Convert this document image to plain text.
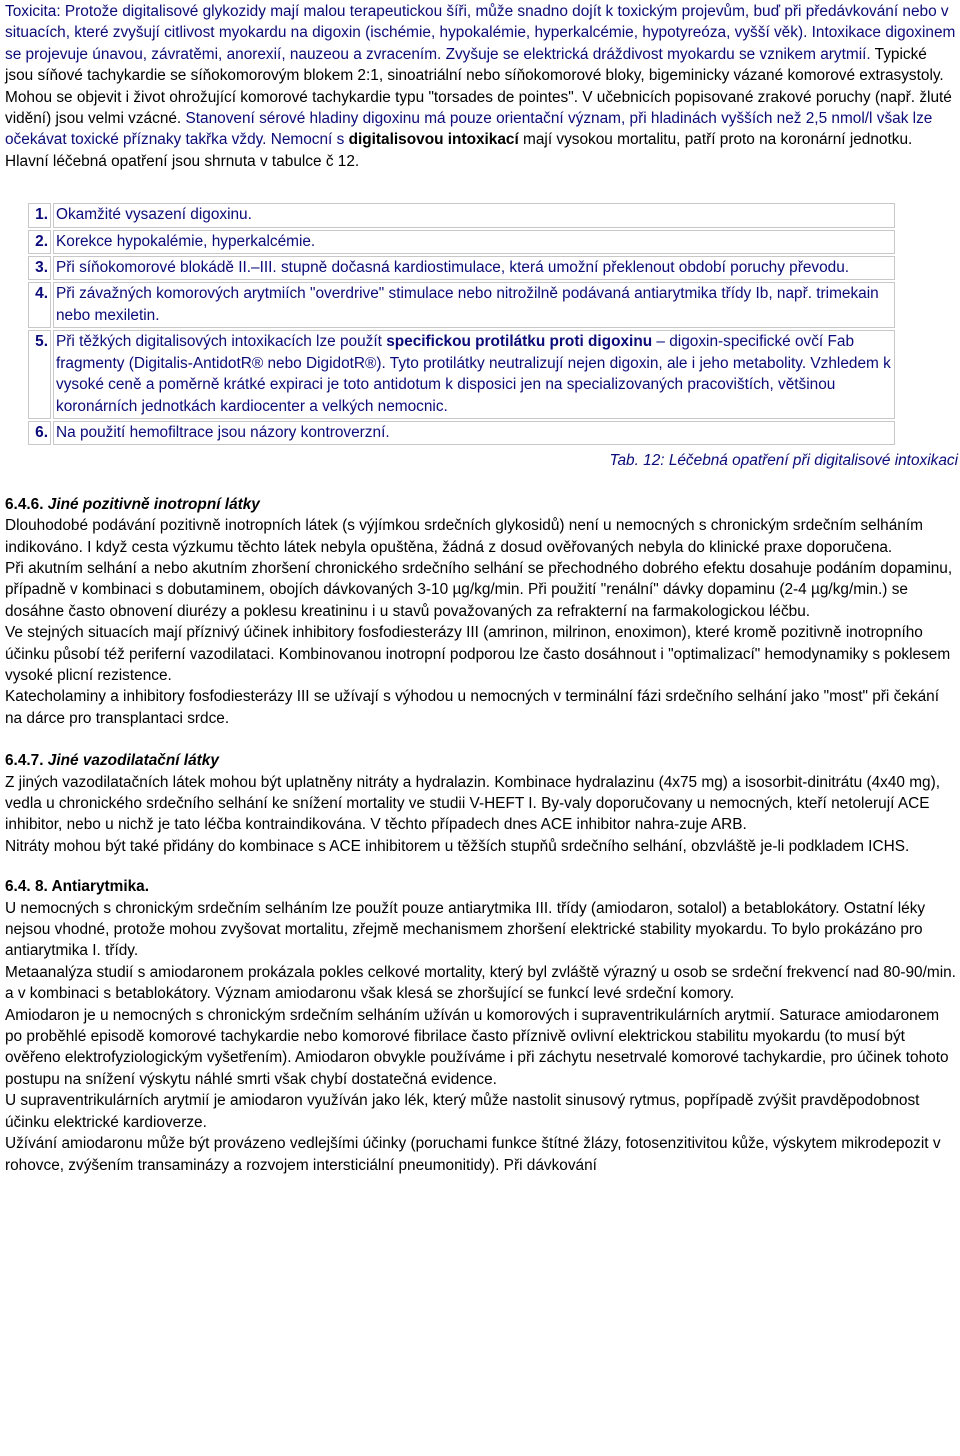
Toxicita: Protože digitalisové glykozidy mají malou terapeutickou šíři, může snadno dojít k toxickým projevům, buď při předávkování nebo v situacích, které zvyšují citlivost myokardu na digoxin (ischémie, hypokalémie, hyperkalcémie, hypotyreóza, vyšší věk). Intoxikace digoxinem se projevuje únavou, závratěmi, anorexií, nauzeou a zvracením. Zvyšuje se elektrická dráždivost myokardu se vznikem arytmií. Typické jsou síňové tachykardie se síňokomorovým blokem 2:1, sinoatriální nebo síňokomorové bloky, bigeminicky vázané komorové extrasystoly. Mohou se objevit i život ohrožující komorové tachykardie typu "torsades de pointes". V učebnicích popisované zrakové poruchy (např. žluté vidění) jsou velmi vzácné. Stanovení sérové hladiny digoxinu má pouze orientační význam, při hladinách vyšších než 2,5 nmol/l však lze očekávat toxické příznaky takřka vždy. Nemocní s digitalisovou intoxikací mají vysokou mortalitu, patří proto na koronární jednotku. Hlavní léčebná opatření jsou shrnuta v tabulce č 12.

1.	Okamžité vysazení digoxinu.
2.	Korekce hypokalémie, hyperkalcémie.
3.	Při síňokomorové blokádě II.–III. stupně dočasná kardiostimulace, která umožní překlenout období poruchy převodu.
4.	Při závažných komorových arytmiích "overdrive" stimulace nebo nitrožilně podávaná antiarytmika třídy Ib, např. trimekain nebo mexiletin.
5.	Při těžkých digitalisových intoxikacích lze použít specifickou protilátku proti digoxinu – digoxin-specifické ovčí Fab fragmenty (Digitalis-AntidotR® nebo DigidotR®). Tyto protilátky neutralizují nejen digoxin, ale i jeho metabolity. Vzhledem k vysoké ceně a poměrně krátké expiraci je toto antidotum k disposici jen na specializovaných pracovištích, většinou koronárních jednotkách kardiocenter a velkých nemocnic.
6.	Na použití hemofiltrace jsou názory kontroverzní.

Tab. 12: Léčebná opatření při digitalisové intoxikaci

6.4.6. Jiné pozitivně inotropní látky

Dlouhodobé podávání pozitivně inotropních látek (s výjímkou srdečních glykosidů) není u nemocných s chronickým srdečním selháním indikováno. I když cesta výzkumu těchto látek nebyla opuštěna, žádná z dosud ověřovaných nebyla do klinické praxe doporučena.

Při akutním selhání a nebo akutním zhoršení chronického srdečního selhání se přechodného dobrého efektu dosahuje podáním dopaminu, případně v kombinaci s dobutaminem, obojích dávkovaných 3-10 µg/kg/min. Při použití "renální" dávky dopaminu (2-4 µg/kg/min.) se dosáhne často obnovení diurézy a poklesu kreatininu i u stavů považovaných za refrakterní na farmakologickou léčbu.

Ve stejných situacích mají příznivý účinek inhibitory fosfodiesterázy III (amrinon, milrinon, enoximon), které kromě pozitivně inotropního účinku působí též periferní vazodilataci. Kombinovanou inotropní podporou lze často dosáhnout i "optimalizací" hemodynamiky s poklesem vysoké plicní rezistence.

Katecholaminy a inhibitory fosfodiesterázy III se užívají s výhodou u nemocných v terminální fázi srdečního selhání jako "most" při čekání na dárce pro transplantaci srdce.

6.4.7. Jiné vazodilatační látky

Z jiných vazodilatačních látek mohou být uplatněny nitráty a hydralazin. Kombinace hydralazinu (4x75 mg) a isosorbit-dinitrátu (4x40 mg), vedla u chronického srdečního selhání ke snížení mortality ve studii V-HEFT I. By-valy doporučovany u nemocných, kteří netolerují ACE inhibitor, nebo u nichž je tato léčba kontraindikována. V těchto případech dnes ACE inhibitor nahra-zuje ARB.

Nitráty mohou být také přidány do kombinace s ACE inhibitorem u těžších stupňů srdečního selhání, obzvláště je-li podkladem ICHS.

6.4. 8. Antiarytmika.

U nemocných s chronickým srdečním selháním lze použít pouze antiarytmika III. třídy (amiodaron, sotalol) a betablokátory. Ostatní léky nejsou vhodné, protože mohou zvyšovat mortalitu, zřejmě mechanismem zhoršení elektrické stability myokardu. To bylo prokázáno pro antiarytmika I. třídy.

Metaanalýza studií s amiodaronem prokázala pokles celkové mortality, který byl zvláště výrazný u osob se srdeční frekvencí nad 80-90/min. a v kombinaci s betablokátory. Význam amiodaronu však klesá se zhoršující se funkcí levé srdeční komory.

Amiodaron je u nemocných s chronickým srdečním selháním užíván u komorových i supraventrikulárních arytmií. Saturace amiodaronem po proběhlé episodě komorové tachykardie nebo komorové fibrilace často příznivě ovlivní elektrickou stabilitu myokardu (to musí být ověřeno elektrofyziologickým vyšetřením). Amiodaron obvykle používáme i při záchytu nesetrvalé komorové tachykardie, pro účinek tohoto postupu na snížení výskytu náhlé smrti však chybí dostatečná evidence.

U supraventrikulárních arytmií je amiodaron využíván jako lék, který může nastolit sinusový rytmus, popřípadě zvýšit pravděpodobnost účinku elektrické kardioverze.

Užívání amiodaronu může být provázeno vedlejšími účinky (poruchami funkce štítné žlázy, fotosenzitivitou kůže, výskytem mikrodepozit v rohovce, zvýšením transaminázy a rozvojem intersticiální pneumonitidy). Při dávkování
